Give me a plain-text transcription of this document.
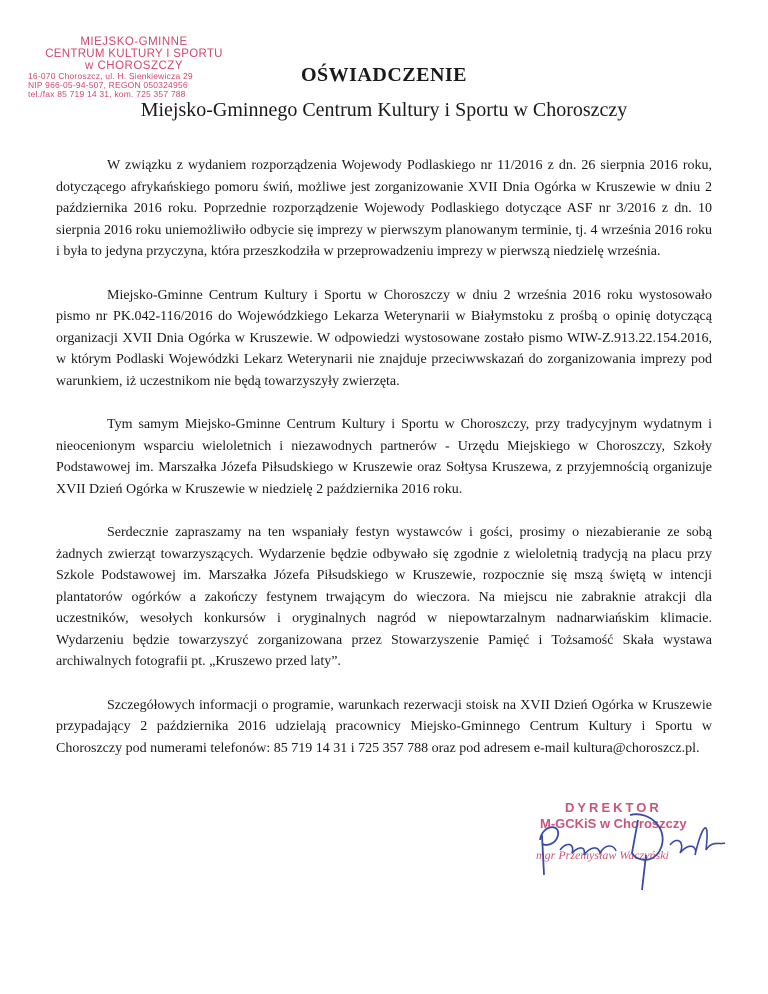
MIEJSKO-GMINNE
CENTRUM KULTURY I SPORTU
w CHOROSZCZY
16-070 Choroszcz, ul. H. Sienkiewicza 29
NIP 966-05-94-507, REGON 050324956
tel./fax 85 719 14 31, kom. 725 357 788
OŚWIADCZENIE
Miejsko-Gminnego Centrum Kultury i Sportu w Choroszczy

W związku z wydaniem rozporządzenia Wojewody Podlaskiego nr 11/2016 z dn. 26 sierpnia 2016 roku, dotyczącego afrykańskiego pomoru świń, możliwe jest zorganizowanie XVII Dnia Ogórka w Kruszewie w dniu 2 października 2016 roku. Poprzednie rozporządzenie Wojewody Podlaskiego dotyczące ASF nr 3/2016 z dn. 10 sierpnia 2016 roku uniemożliwiło odbycie się imprezy w pierwszym planowanym terminie, tj. 4 września 2016 roku i była to jedyna przyczyna, która przeszkodziła w przeprowadzeniu imprezy w pierwszą niedzielę września.

Miejsko-Gminne Centrum Kultury i Sportu w Choroszczy w dniu 2 września 2016 roku wystosowało pismo nr PK.042-116/2016 do Wojewódzkiego Lekarza Weterynarii w Białymstoku z prośbą o opinię dotyczącą organizacji XVII Dnia Ogórka w Kruszewie. W odpowiedzi wystosowane zostało pismo WIW-Z.913.22.154.2016, w którym Podlaski Wojewódzki Lekarz Weterynarii nie znajduje przeciwwskazań do zorganizowania imprezy pod warunkiem, iż uczestnikom nie będą towarzyszyły zwierzęta.

Tym samym Miejsko-Gminne Centrum Kultury i Sportu w Choroszczy, przy tradycyjnym wydatnym i nieocenionym wsparciu wieloletnich i niezawodnych partnerów - Urzędu Miejskiego w Choroszczy, Szkoły Podstawowej im. Marszałka Józefa Piłsudskiego w Kruszewie oraz Sołtysa Kruszewa, z przyjemnością organizuje XVII Dzień Ogórka w Kruszewie w niedzielę 2 października 2016 roku.

Serdecznie zapraszamy na ten wspaniały festyn wystawców i gości, prosimy o niezabieranie ze sobą żadnych zwierząt towarzyszących. Wydarzenie będzie odbywało się zgodnie z wieloletnią tradycją na placu przy Szkole Podstawowej im. Marszałka Józefa Piłsudskiego w Kruszewie, rozpocznie się mszą świętą w intencji plantatorów ogórków a zakończy festynem trwającym do wieczora. Na miejscu nie zabraknie atrakcji dla uczestników, wesołych konkursów i oryginalnych nagród w niepowtarzalnym nadnarwiańskim klimacie. Wydarzeniu będzie towarzyszyć zorganizowana przez Stowarzyszenie Pamięć i Tożsamość Skała wystawa archiwalnych fotografii pt. „Kruszewo przed laty”.

Szczegółowych informacji o programie, warunkach rezerwacji stoisk na XVII Dzień Ogórka w Kruszewie przypadający 2 października 2016 udzielają pracownicy Miejsko-Gminnego Centrum Kultury i Sportu w Choroszczy pod numerami telefonów: 85 719 14 31 i 725 357 788 oraz pod adresem e-mail kultura@choroszcz.pl.

DYREKTOR
M-GCKiS w Choroszczy
mgr Przemysław Waczyński
